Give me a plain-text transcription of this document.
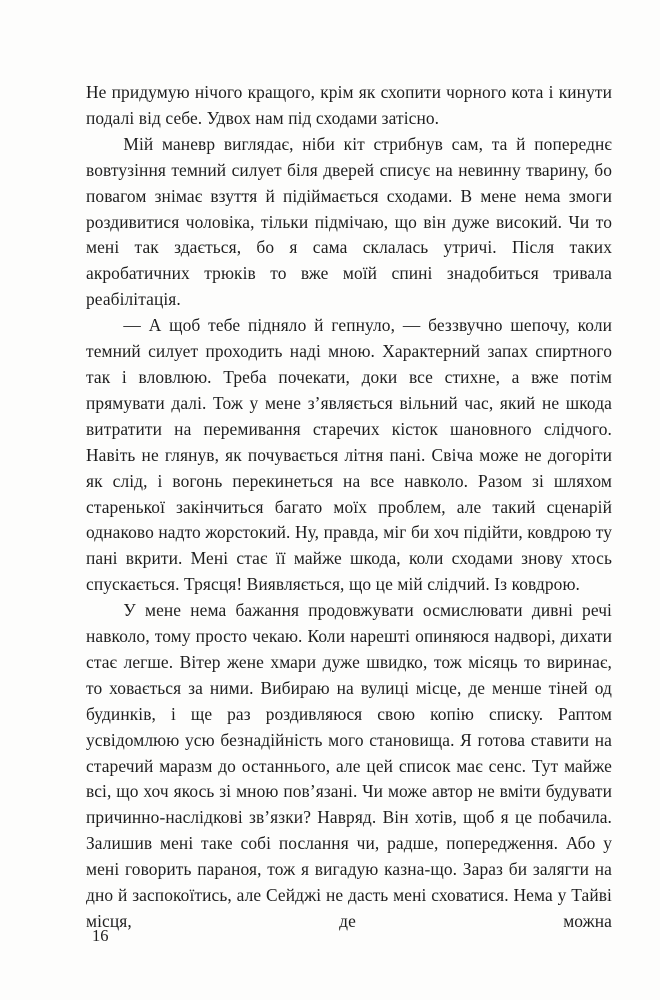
Не придумую нічого кращого, крім як схопити чорного кота і кинути подалі від себе. Удвох нам під сходами затісно.

Мій маневр виглядає, ніби кіт стрибнув сам, та й попереднє вовтузіння темний силует біля дверей списує на невинну тварину, бо повагом знімає взуття й підіймається сходами. В мене нема змоги роздивитися чоловіка, тільки підмічаю, що він дуже високий. Чи то мені так здається, бо я сама склалась утричі. Після таких акробатичних трюків то вже моїй спині знадобиться тривала реабілітація.

— А щоб тебе підняло й гепнуло, — беззвучно шепочу, коли темний силует проходить наді мною. Характерний запах спиртного так і вловлюю. Треба почекати, доки все стихне, а вже потім прямувати далі. Тож у мене з’являється вільний час, який не шкода витратити на перемивання старечих кісток шановного слідчого. Навіть не глянув, як почувається літня пані. Свіча може не догоріти як слід, і вогонь перекинеться на все навколо. Разом зі шляхом старенької закінчиться багато моїх проблем, але такий сценарій однаково надто жорстокий. Ну, правда, міг би хоч підійти, ковдрою ту пані вкрити. Мені стає її майже шкода, коли сходами знову хтось спускається. Трясця! Виявляється, що це мій слідчий. Із ковдрою.

У мене нема бажання продовжувати осмислювати дивні речі навколо, тому просто чекаю. Коли нарешті опиняюся надворі, дихати стає легше. Вітер жене хмари дуже швидко, тож місяць то виринає, то ховається за ними. Вибираю на вулиці місце, де менше тіней од будинків, і ще раз роздивляюся свою копію списку. Раптом усвідомлюю усю безнадійність мого становища. Я готова ставити на старечий маразм до останнього, але цей список має сенс. Тут майже всі, що хоч якось зі мною пов’язані. Чи може автор не вміти будувати причинно-наслідкові зв’язки? Навряд. Він хотів, щоб я це побачила. Залишив мені таке собі послання чи, радше, попередження. Або у мені говорить параноя, тож я вигадую казна-що. Зараз би залягти на дно й заспокоїтись, але Сейджі не дасть мені сховатися. Нема у Тайві місця, де можна

16
